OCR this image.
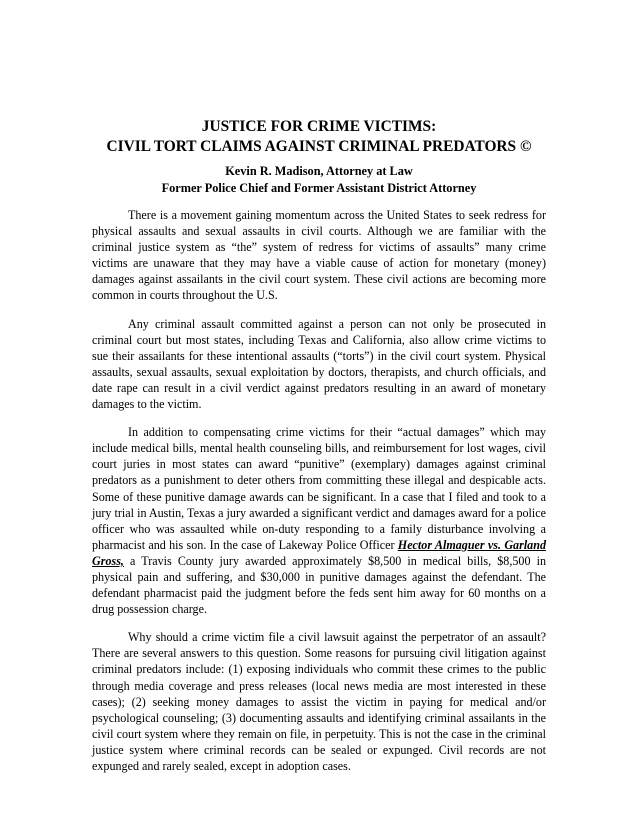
JUSTICE FOR CRIME VICTIMS:
CIVIL TORT CLAIMS AGAINST CRIMINAL PREDATORS ©
Kevin R. Madison, Attorney at Law
Former Police Chief and Former Assistant District Attorney

There is a movement gaining momentum across the United States to seek redress for physical assaults and sexual assaults in civil courts. Although we are familiar with the criminal justice system as “the” system of redress for victims of assaults” many crime victims are unaware that they may have a viable cause of action for monetary (money) damages against assailants in the civil court system. These civil actions are becoming more common in courts throughout the U.S.

Any criminal assault committed against a person can not only be prosecuted in criminal court but most states, including Texas and California, also allow crime victims to sue their assailants for these intentional assaults (“torts”) in the civil court system. Physical assaults, sexual assaults, sexual exploitation by doctors, therapists, and church officials, and date rape can result in a civil verdict against predators resulting in an award of monetary damages to the victim.

In addition to compensating crime victims for their “actual damages” which may include medical bills, mental health counseling bills, and reimbursement for lost wages, civil court juries in most states can award “punitive” (exemplary) damages against criminal predators as a punishment to deter others from committing these illegal and despicable acts. Some of these punitive damage awards can be significant. In a case that I filed and took to a jury trial in Austin, Texas a jury awarded a significant verdict and damages award for a police officer who was assaulted while on-duty responding to a family disturbance involving a pharmacist and his son. In the case of Lakeway Police Officer Hector Almaguer vs. Garland Gross, a Travis County jury awarded approximately $8,500 in medical bills, $8,500 in physical pain and suffering, and $30,000 in punitive damages against the defendant. The defendant pharmacist paid the judgment before the feds sent him away for 60 months on a drug possession charge.

Why should a crime victim file a civil lawsuit against the perpetrator of an assault? There are several answers to this question. Some reasons for pursuing civil litigation against criminal predators include: (1) exposing individuals who commit these crimes to the public through media coverage and press releases (local news media are most interested in these cases); (2) seeking money damages to assist the victim in paying for medical and/or psychological counseling; (3) documenting assaults and identifying criminal assailants in the civil court system where they remain on file, in perpetuity. This is not the case in the criminal justice system where criminal records can be sealed or expunged. Civil records are not expunged and rarely sealed, except in adoption cases.
